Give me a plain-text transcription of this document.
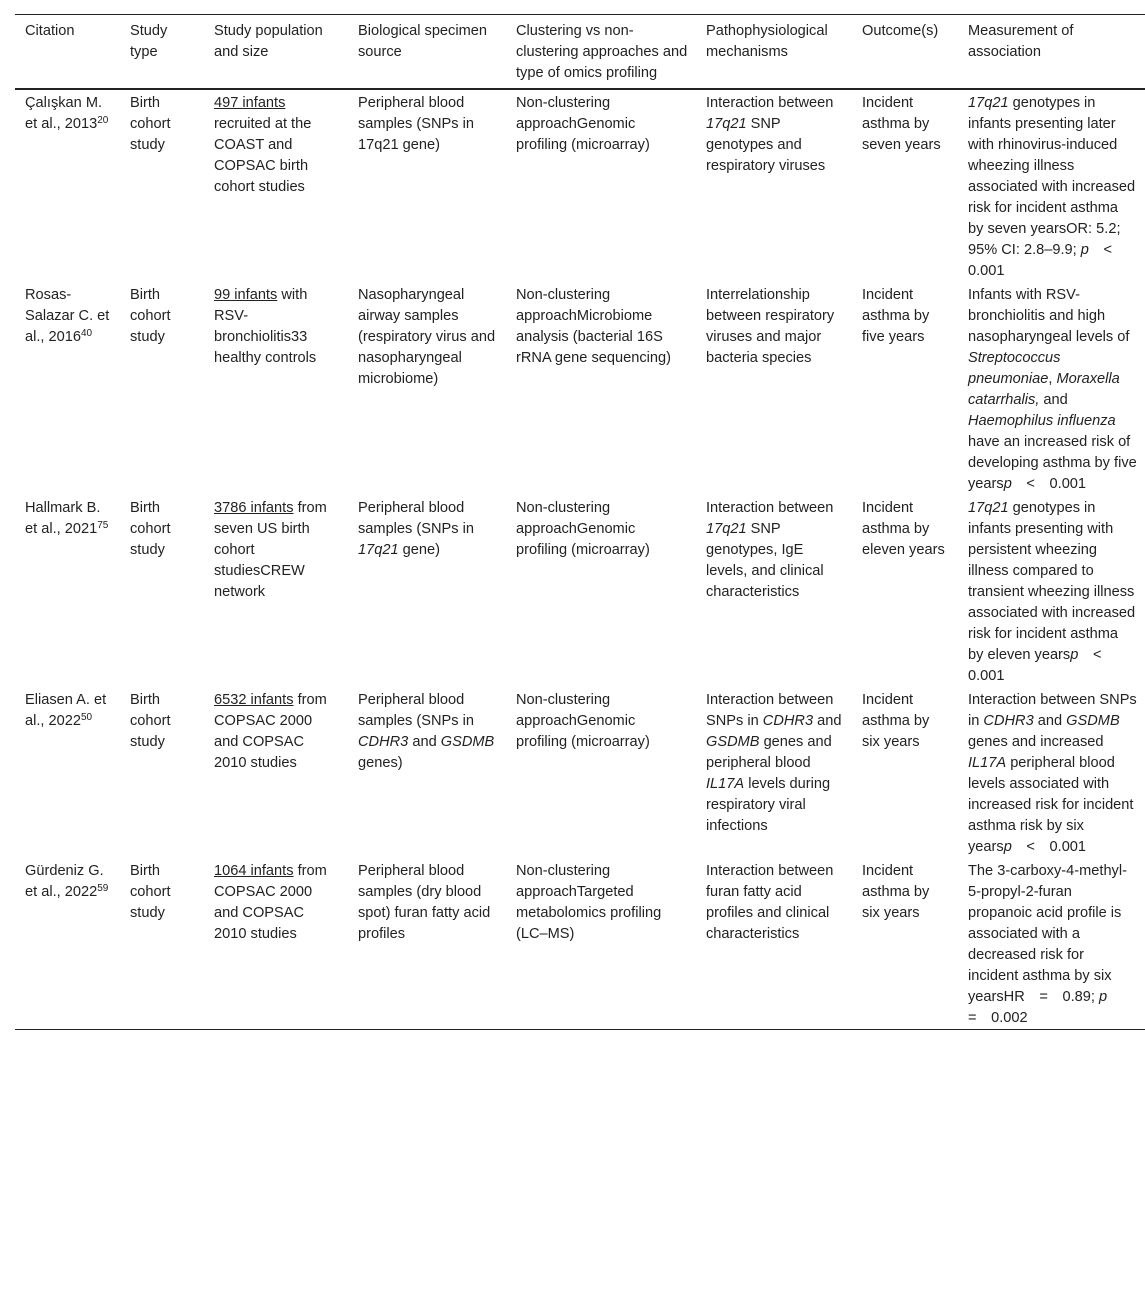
Citation	Study type	Study population and size	Biological specimen source	Clustering vs non-clustering approaches and type of omics profiling	Pathophysiological mechanisms	Outcome(s)	Measurement of association
Çalışkan M. et al., 2013$^{20}$	Birth cohort study	497 infants recruited at the COAST and COPSAC birth cohort studies	Peripheral blood samples (SNPs in 17q21 gene)	Non-clustering approachGenomic profiling (microarray)	Interaction between 17q21 SNP genotypes and respiratory viruses	Incident asthma by seven years	17q21 genotypes in infants presenting later with rhinovirus-induced wheezing illness associated with increased risk for incident asthma by seven yearsOR: 5.2; 95% CI: 2.8–9.9; p < 0.001
Rosas-Salazar C. et al., 2016$^{40}$	Birth cohort study	99 infants with RSV-bronchiolitis33 healthy controls	Nasopharyngeal airway samples (respiratory virus and nasopharyngeal microbiome)	Non-clustering approachMicrobiome analysis (bacterial 16S rRNA gene sequencing)	Interrelationship between respiratory viruses and major bacteria species	Incident asthma by five years	Infants with RSV-bronchiolitis and high nasopharyngeal levels of Streptococcus pneumoniae, Moraxella catarrhalis, and Haemophilus influenza have an increased risk of developing asthma by five yearsp < 0.001
Hallmark B. et al., 2021$^{75}$	Birth cohort study	3786 infants from seven US birth cohort studiesCREW network	Peripheral blood samples (SNPs in 17q21 gene)	Non-clustering approachGenomic profiling (microarray)	Interaction between 17q21 SNP genotypes, IgE levels, and clinical characteristics	Incident asthma by eleven years	17q21 genotypes in infants presenting with persistent wheezing illness compared to transient wheezing illness associated with increased risk for incident asthma by eleven yearsp < 0.001
Eliasen A. et al., 2022$^{50}$	Birth cohort study	6532 infants from COPSAC 2000 and COPSAC 2010 studies	Peripheral blood samples (SNPs in CDHR3 and GSDMB genes)	Non-clustering approachGenomic profiling (microarray)	Interaction between SNPs in CDHR3 and GSDMB genes and peripheral blood IL17A levels during respiratory viral infections	Incident asthma by six years	Interaction between SNPs in CDHR3 and GSDMB genes and increased IL17A peripheral blood levels associated with increased risk for incident asthma risk by six yearsp < 0.001
Gürdeniz G. et al., 2022$^{59}$	Birth cohort study	1064 infants from COPSAC 2000 and COPSAC 2010 studies	Peripheral blood samples (dry blood spot) furan fatty acid profiles	Non-clustering approachTargeted metabolomics profiling (LC–MS)	Interaction between furan fatty acid profiles and clinical characteristics	Incident asthma by six years	The 3-carboxy-4-methyl-5-propyl-2-furan propanoic acid profile is associated with a decreased risk for incident asthma by six yearsHR = 0.89; p = 0.002
